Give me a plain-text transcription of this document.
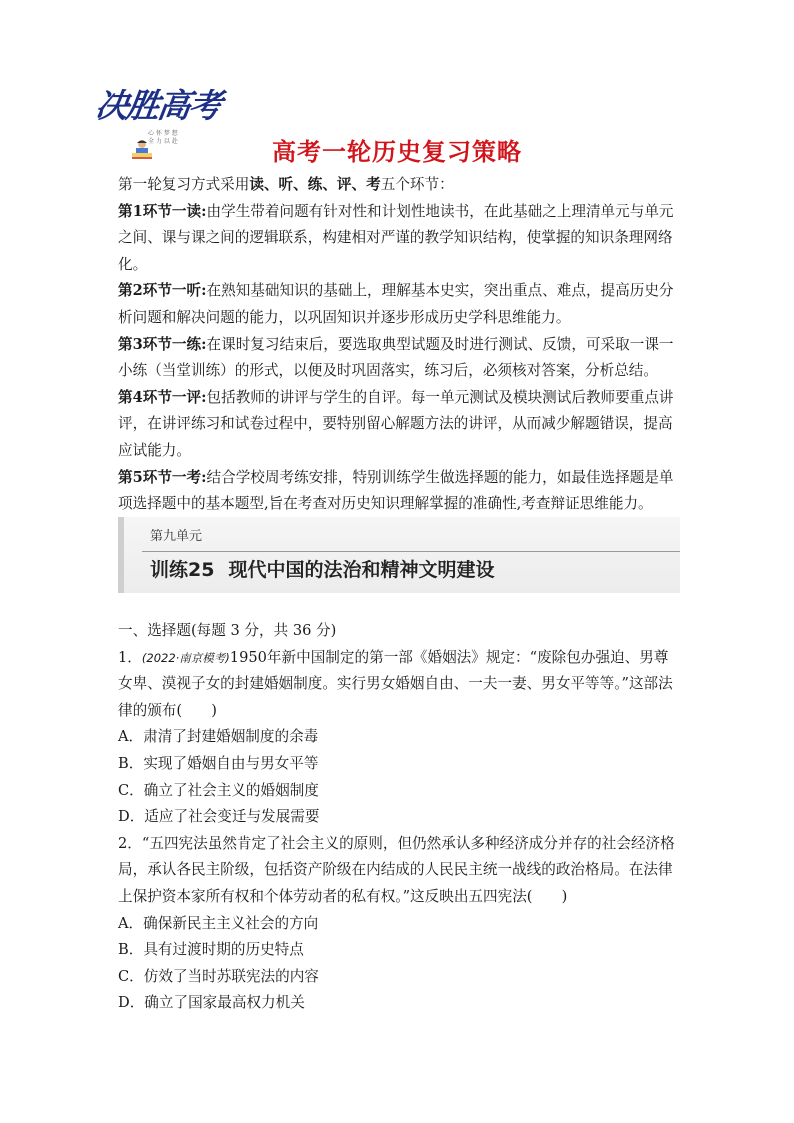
决胜高考
心 怀 梦 想
全 力 以 赴	高考一轮历史复习策略

第一轮复习方式采用读、听、练、评、考五个环节：

第1环节一读:由学生带着问题有针对性和计划性地读书，在此基础之上理清单元与单元之间、课与课之间的逻辑联系，构建相对严谨的教学知识结构，使掌握的知识条理网络化。

第2环节一听:在熟知基础知识的基础上，理解基本史实，突出重点、难点，提高历史分析问题和解决问题的能力，以巩固知识并逐步形成历史学科思维能力。

第3环节一练:在课时复习结束后，要选取典型试题及时进行测试、反馈，可采取一课一小练（当堂训练）的形式，以便及时巩固落实，练习后，必须核对答案，分析总结。

第4环节一评:包括教师的讲评与学生的自评。每一单元测试及模块测试后教师要重点讲评，在讲评练习和试卷过程中，要特别留心解题方法的讲评，从而减少解题错误，提高应试能力。

第5环节一考:结合学校周考练安排，特别训练学生做选择题的能力，如最佳选择题是单项选择题中的基本题型,旨在考查对历史知识理解掌握的准确性,考查辩证思维能力。

第九单元
训练25 现代中国的法治和精神文明建设

一、选择题(每题 3 分，共 36 分)

1．(2022·南京模考)1950年新中国制定的第一部《婚姻法》规定：“废除包办强迫、男尊女卑、漠视子女的封建婚姻制度。实行男女婚姻自由、一夫一妻、男女平等等。”这部法律的颁布(　　)

A．肃清了封建婚姻制度的余毒

B．实现了婚姻自由与男女平等

C．确立了社会主义的婚姻制度

D．适应了社会变迁与发展需要

2．“五四宪法虽然肯定了社会主义的原则，但仍然承认多种经济成分并存的社会经济格局，承认各民主阶级，包括资产阶级在内结成的人民民主统一战线的政治格局。在法律上保护资本家所有权和个体劳动者的私有权。”这反映出五四宪法(　　)

A．确保新民主主义社会的方向

B．具有过渡时期的历史特点

C．仿效了当时苏联宪法的内容

D．确立了国家最高权力机关
